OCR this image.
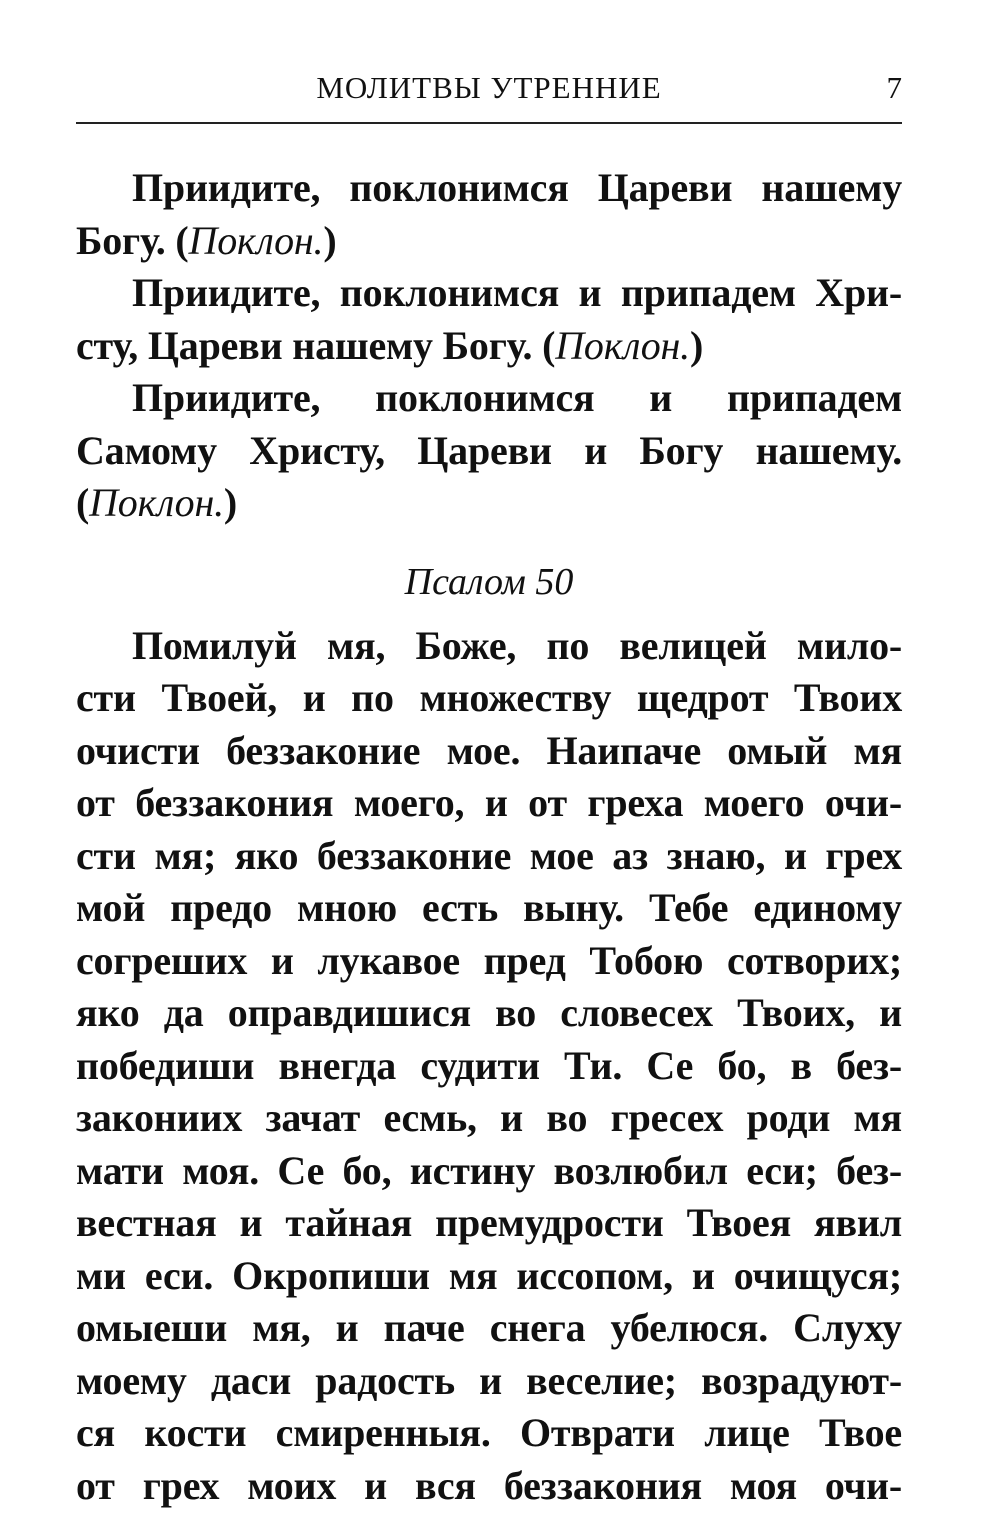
МОЛИТВЫ УТРЕННИЕ	7
Приидите, поклонимся Цареви нашему
Богу. (Поклон.)
Приидите, поклонимся и припадем Хри-
сту, Цареви нашему Богу. (Поклон.)
Приидите, поклонимся и припадем
Самому Христу, Цареви и Богу нашему.
(Поклон.)
Псалом 50
Помилуй мя, Боже, по велицей мило-
сти Твоей, и по множеству щедрот Твоих
очисти беззаконие мое. Наипаче омый мя
от беззакония моего, и от греха моего очи-
сти мя; яко беззаконие мое аз знаю, и грех
мой предо мною есть выну. Тебе единому
согреших и лукавое пред Тобою сотворих;
яко да оправдишися во словесех Твоих, и
победиши внегда судити Ти. Се бо, в без-
закониих зачат есмь, и во гресех роди мя
мати моя. Се бо, истину возлюбил еси; без-
вестная и тайная премудрости Твоея явил
ми еси. Окропиши мя иссопом, и очищуся;
омыеши мя, и паче снега убелюся. Слуху
моему даси радость и веселие; возрадуют-
ся кости смиренныя. Отврати лице Твое
от грех моих и вся беззакония моя очи-
